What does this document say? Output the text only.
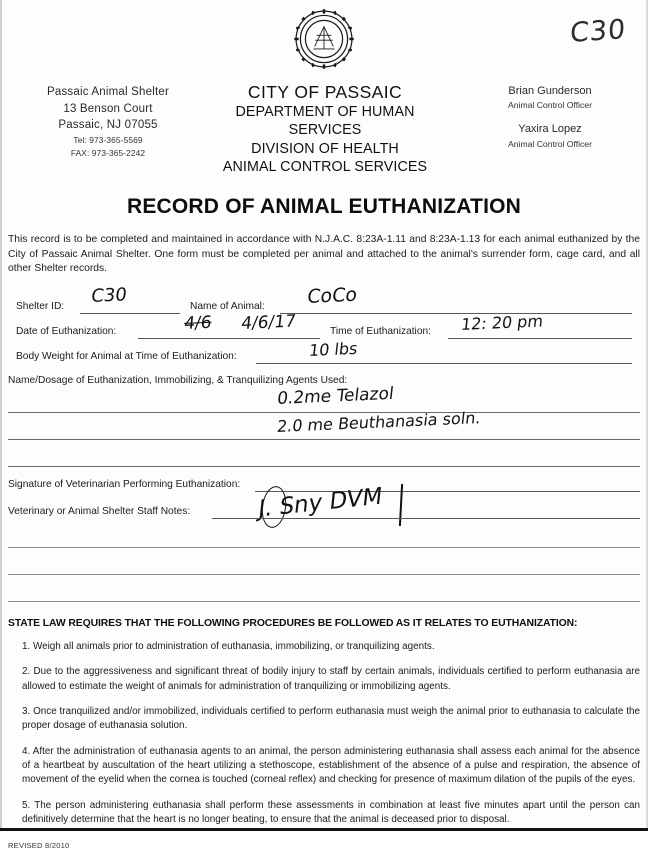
C30
Passaic Animal Shelter
13 Benson Court
Passaic, NJ 07055
Tel: 973-365-5569
FAX: 973-365-2242
CITY OF PASSAIC
DEPARTMENT OF HUMAN SERVICES
DIVISION OF HEALTH
ANIMAL CONTROL SERVICES
Brian Gunderson
Animal Control Officer
Yaxira Lopez
Animal Control Officer
RECORD OF ANIMAL EUTHANIZATION
This record is to be completed and maintained in accordance with N.J.A.C. 8:23A-1.11 and 8:23A-1.13 for each animal euthanized by the City of Passaic Animal Shelter. One form must be completed per animal and attached to the animal's surrender form, cage card, and all other Shelter records.
Shelter ID: C30	Name of Animal: CoCo
Date of Euthanization:	4/6 4/6/17	Time of Euthanization: 12: 20 pm
Body Weight for Animal at Time of Euthanization:	10 lbs
Name/Dosage of Euthanization, Immobilizing, & Tranquilizing Agents Used:
0.2me Telazol
2.0 me Beuthanasia soln.
Signature of Veterinarian Performing Euthanization: J. Sny DVM
Veterinary or Animal Shelter Staff Notes:
STATE LAW REQUIRES THAT THE FOLLOWING PROCEDURES BE FOLLOWED AS IT RELATES TO EUTHANIZATION:
1. Weigh all animals prior to administration of euthanasia, immobilizing, or tranquilizing agents.
2. Due to the aggressiveness and significant threat of bodily injury to staff by certain animals, individuals certified to perform euthanasia are allowed to estimate the weight of animals for administration of tranquilizing or immobilizing agents.
3. Once tranquilized and/or immobilized, individuals certified to perform euthanasia must weigh the animal prior to euthanasia to calculate the proper dosage of euthanasia solution.
4. After the administration of euthanasia agents to an animal, the person administering euthanasia shall assess each animal for the absence of a heartbeat by auscultation of the heart utilizing a stethoscope, establishment of the absence of a pulse and respiration, the absence of movement of the eyelid when the cornea is touched (corneal reflex) and checking for presence of maximum dilation of the pupils of the eyes.
5. The person administering euthanasia shall perform these assessments in combination at least five minutes apart until the person can definitively determine that the heart is no longer beating, to ensure that the animal is deceased prior to disposal.
REVISED 8/2010
